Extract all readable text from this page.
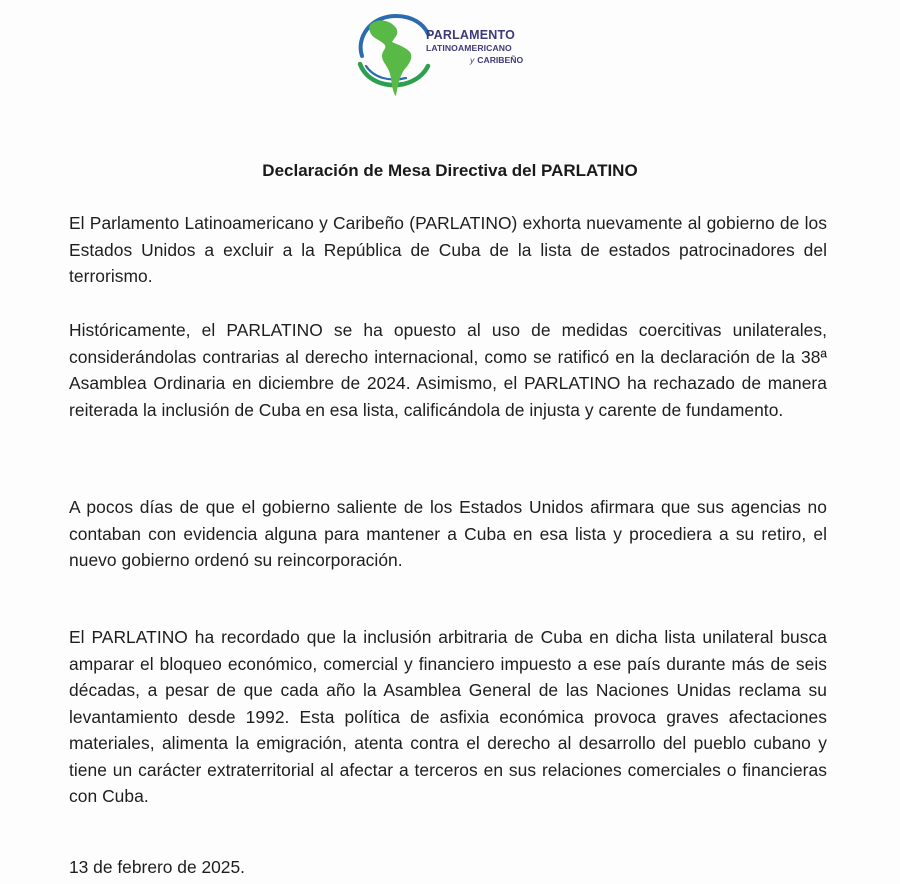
PARLAMENTO
LATINOAMERICANO
y CARIBEÑO
Declaración de Mesa Directiva del PARLATINO
El Parlamento Latinoamericano y Caribeño (PARLATINO) exhorta nuevamente al gobierno de los Estados Unidos a excluir a la República de Cuba de la lista de estados patrocinadores del terrorismo.
Históricamente, el PARLATINO se ha opuesto al uso de medidas coercitivas unilaterales, considerándolas contrarias al derecho internacional, como se ratificó en la declaración de la 38ª Asamblea Ordinaria en diciembre de 2024. Asimismo, el PARLATINO ha rechazado de manera reiterada la inclusión de Cuba en esa lista, calificándola de injusta y carente de fundamento.
A pocos días de que el gobierno saliente de los Estados Unidos afirmara que sus agencias no contaban con evidencia alguna para mantener a Cuba en esa lista y procediera a su retiro, el nuevo gobierno ordenó su reincorporación.
El PARLATINO ha recordado que la inclusión arbitraria de Cuba en dicha lista unilateral busca amparar el bloqueo económico, comercial y financiero impuesto a ese país durante más de seis décadas, a pesar de que cada año la Asamblea General de las Naciones Unidas reclama su levantamiento desde 1992. Esta política de asfixia económica provoca graves afectaciones materiales, alimenta la emigración, atenta contra el derecho al desarrollo del pueblo cubano y tiene un carácter extraterritorial al afectar a terceros en sus relaciones comerciales o financieras con Cuba.
13 de febrero de 2025.
